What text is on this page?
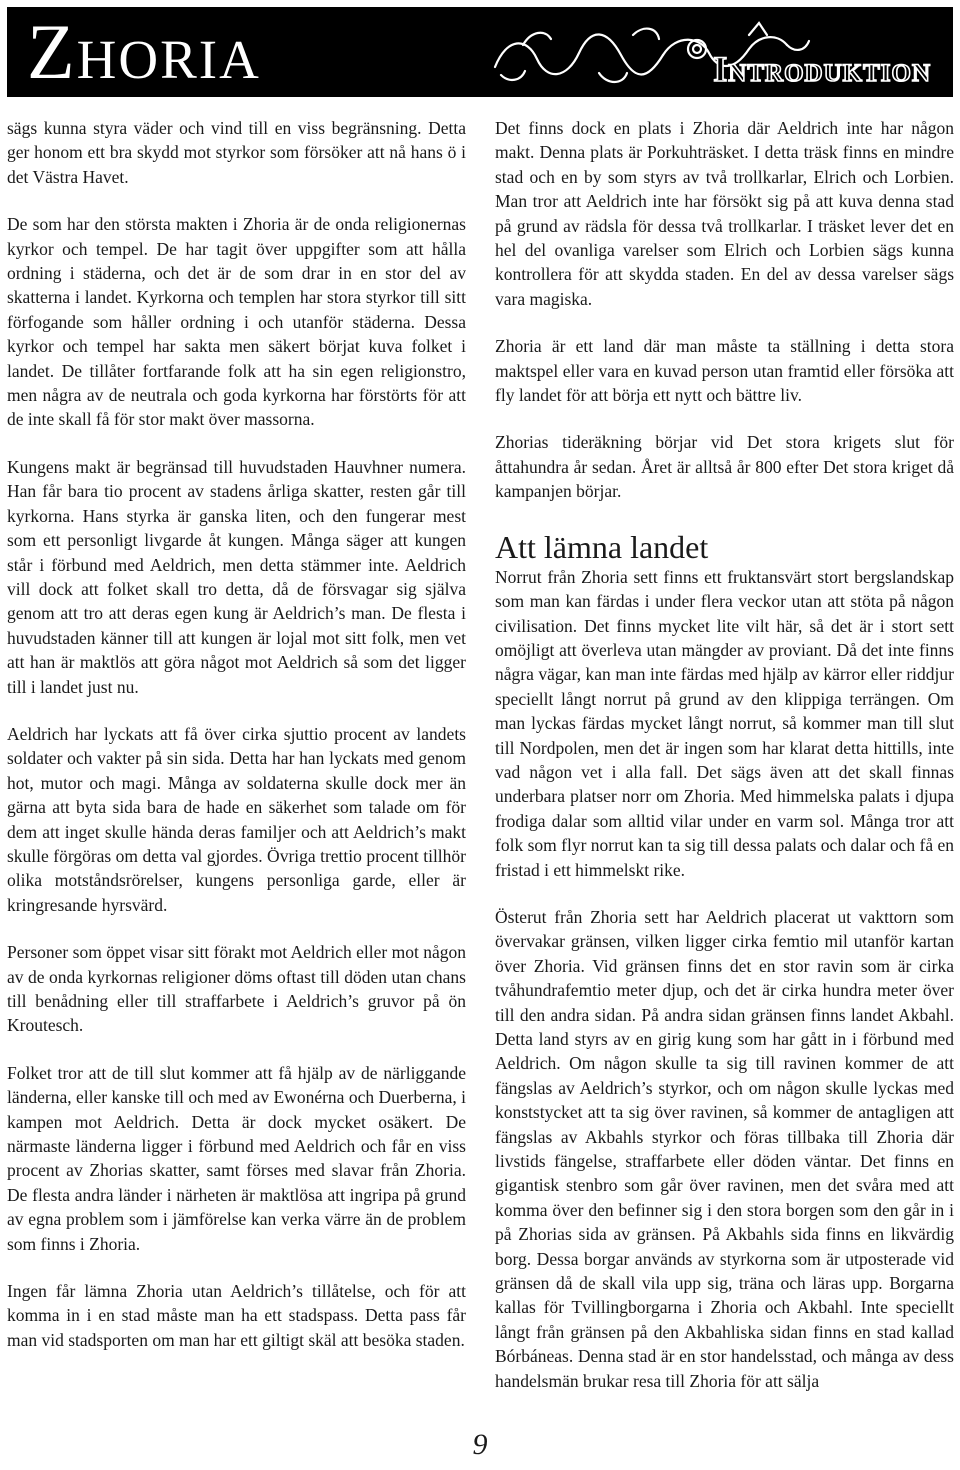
Zhoria	Introduktion

sägs kunna styra väder och vind till en viss begränsning. Detta ger honom ett bra skydd mot styrkor som försöker att nå hans ö i det Västra Havet.

De som har den största makten i Zhoria är de onda religionernas kyrkor och tempel. De har tagit över uppgifter som att hålla ordning i städerna, och det är de som drar in en stor del av skatterna i landet. Kyrkorna och templen har stora styrkor till sitt förfogande som håller ordning i och utanför städerna. Dessa kyrkor och tempel har sakta men säkert börjat kuva folket i landet. De tillåter fortfarande folk att ha sin egen religionstro, men några av de neutrala och goda kyrkorna har förstörts för att de inte skall få för stor makt över massorna.

Kungens makt är begränsad till huvudstaden Hauvhner numera. Han får bara tio procent av stadens årliga skatter, resten går till kyrkorna. Hans styrka är ganska liten, och den fungerar mest som ett personligt livgarde åt kungen. Många säger att kungen står i förbund med Aeldrich, men detta stämmer inte. Aeldrich vill dock att folket skall tro detta, då de försvagar sig själva genom att tro att deras egen kung är Aeldrich’s man. De flesta i huvudstaden känner till att kungen är lojal mot sitt folk, men vet att han är maktlös att göra något mot Aeldrich så som det ligger till i landet just nu.

Aeldrich har lyckats att få över cirka sjuttio procent av landets soldater och vakter på sin sida. Detta har han lyckats med genom hot, mutor och magi. Många av soldaterna skulle dock mer än gärna att byta sida bara de hade en säkerhet som talade om för dem att inget skulle hända deras familjer och att Aeldrich’s makt skulle förgöras om detta val gjordes. Övriga trettio procent tillhör olika motståndsrörelser, kungens personliga garde, eller är kringresande hyrsvärd.

Personer som öppet visar sitt förakt mot Aeldrich eller mot någon av de onda kyrkornas religioner döms oftast till döden utan chans till benådning eller till straffarbete i Aeldrich’s gruvor på ön Kroutesch.

Folket tror att de till slut kommer att få hjälp av de närliggande länderna, eller kanske till och med av Ewonérna och Duerberna, i kampen mot Aeldrich. Detta är dock mycket osäkert. De närmaste länderna ligger i förbund med Aeldrich och får en viss procent av Zhorias skatter, samt förses med slavar från Zhoria. De flesta andra länder i närheten är maktlösa att ingripa på grund av egna problem som i jämförelse kan verka värre än de problem som finns i Zhoria.

Ingen får lämna Zhoria utan Aeldrich’s tillåtelse, och för att komma in i en stad måste man ha ett stadspass. Detta pass får man vid stadsporten om man har ett giltigt skäl att besöka staden.

Det finns dock en plats i Zhoria där Aeldrich inte har någon makt. Denna plats är Porkuhträsket. I detta träsk finns en mindre stad och en by som styrs av två trollkarlar, Elrich och Lorbien. Man tror att Aeldrich inte har försökt sig på att kuva denna stad på grund av rädsla för dessa två trollkarlar. I träsket lever det en hel del ovanliga varelser som Elrich och Lorbien sägs kunna kontrollera för att skydda staden. En del av dessa varelser sägs vara magiska.

Zhoria är ett land där man måste ta ställning i detta stora maktspel eller vara en kuvad person utan framtid eller försöka att fly landet för att börja ett nytt och bättre liv.

Zhorias tideräkning börjar vid Det stora krigets slut för åttahundra år sedan. Året är alltså år 800 efter Det stora kriget då kampanjen börjar.

Att lämna landet

Norrut från Zhoria sett finns ett fruktansvärt stort bergslandskap som man kan färdas i under flera veckor utan att stöta på någon civilisation. Det finns mycket lite vilt här, så det är i stort sett omöjligt att överleva utan mängder av proviant. Då det inte finns några vägar, kan man inte färdas med hjälp av kärror eller riddjur speciellt långt norrut på grund av den klippiga terrängen. Om man lyckas färdas mycket långt norrut, så kommer man till slut till Nordpolen, men det är ingen som har klarat detta hittills, inte vad någon vet i alla fall. Det sägs även att det skall finnas underbara platser norr om Zhoria. Med himmelska palats i djupa frodiga dalar som alltid vilar under en varm sol. Många tror att folk som flyr norrut kan ta sig till dessa palats och dalar och få en fristad i ett himmelskt rike.

Österut från Zhoria sett har Aeldrich placerat ut vakttorn som övervakar gränsen, vilken ligger cirka femtio mil utanför kartan över Zhoria. Vid gränsen finns det en stor ravin som är cirka tvåhundrafemtio meter djup, och det är cirka hundra meter över till den andra sidan. På andra sidan gränsen finns landet Akbahl. Detta land styrs av en girig kung som har gått in i förbund med Aeldrich. Om någon skulle ta sig till ravinen kommer de att fängslas av Aeldrich’s styrkor, och om någon skulle lyckas med konststycket att ta sig över ravinen, så kommer de antagligen att fängslas av Akbahls styrkor och föras tillbaka till Zhoria där livstids fängelse, straffarbete eller döden väntar. Det finns en gigantisk stenbro som går över ravinen, men det svåra med att komma över den befinner sig i den stora borgen som den går in i på Zhorias sida av gränsen. På Akbahls sida finns en likvärdig borg. Dessa borgar används av styrkorna som är utposterade vid gränsen då de skall vila upp sig, träna och läras upp. Borgarna kallas för Tvillingborgarna i Zhoria och Akbahl. Inte speciellt långt från gränsen på den Akbahliska sidan finns en stad kallad Bórbáneas. Denna stad är en stor handelsstad, och många av dess handelsmän brukar resa till Zhoria för att sälja

9
